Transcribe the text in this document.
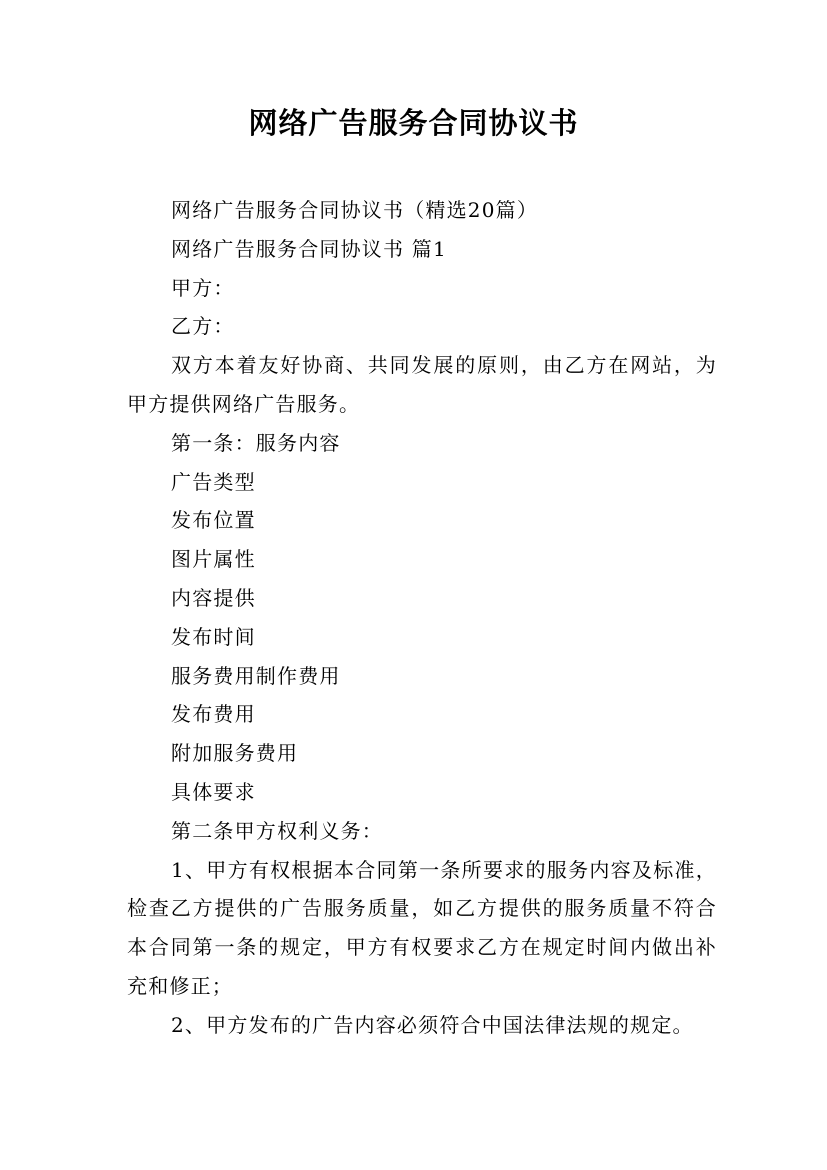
网络广告服务合同协议书

网络广告服务合同协议书（精选20篇）

网络广告服务合同协议书 篇1

甲方：

乙方：

双方本着友好协商、共同发展的原则，由乙方在网站，为甲方提供网络广告服务。

第一条：服务内容

广告类型

发布位置

图片属性

内容提供

发布时间

服务费用制作费用

发布费用

附加服务费用

具体要求

第二条甲方权利义务：

1、甲方有权根据本合同第一条所要求的服务内容及标准，检查乙方提供的广告服务质量，如乙方提供的服务质量不符合本合同第一条的规定，甲方有权要求乙方在规定时间内做出补充和修正；

2、甲方发布的广告内容必须符合中国法律法规的规定。
